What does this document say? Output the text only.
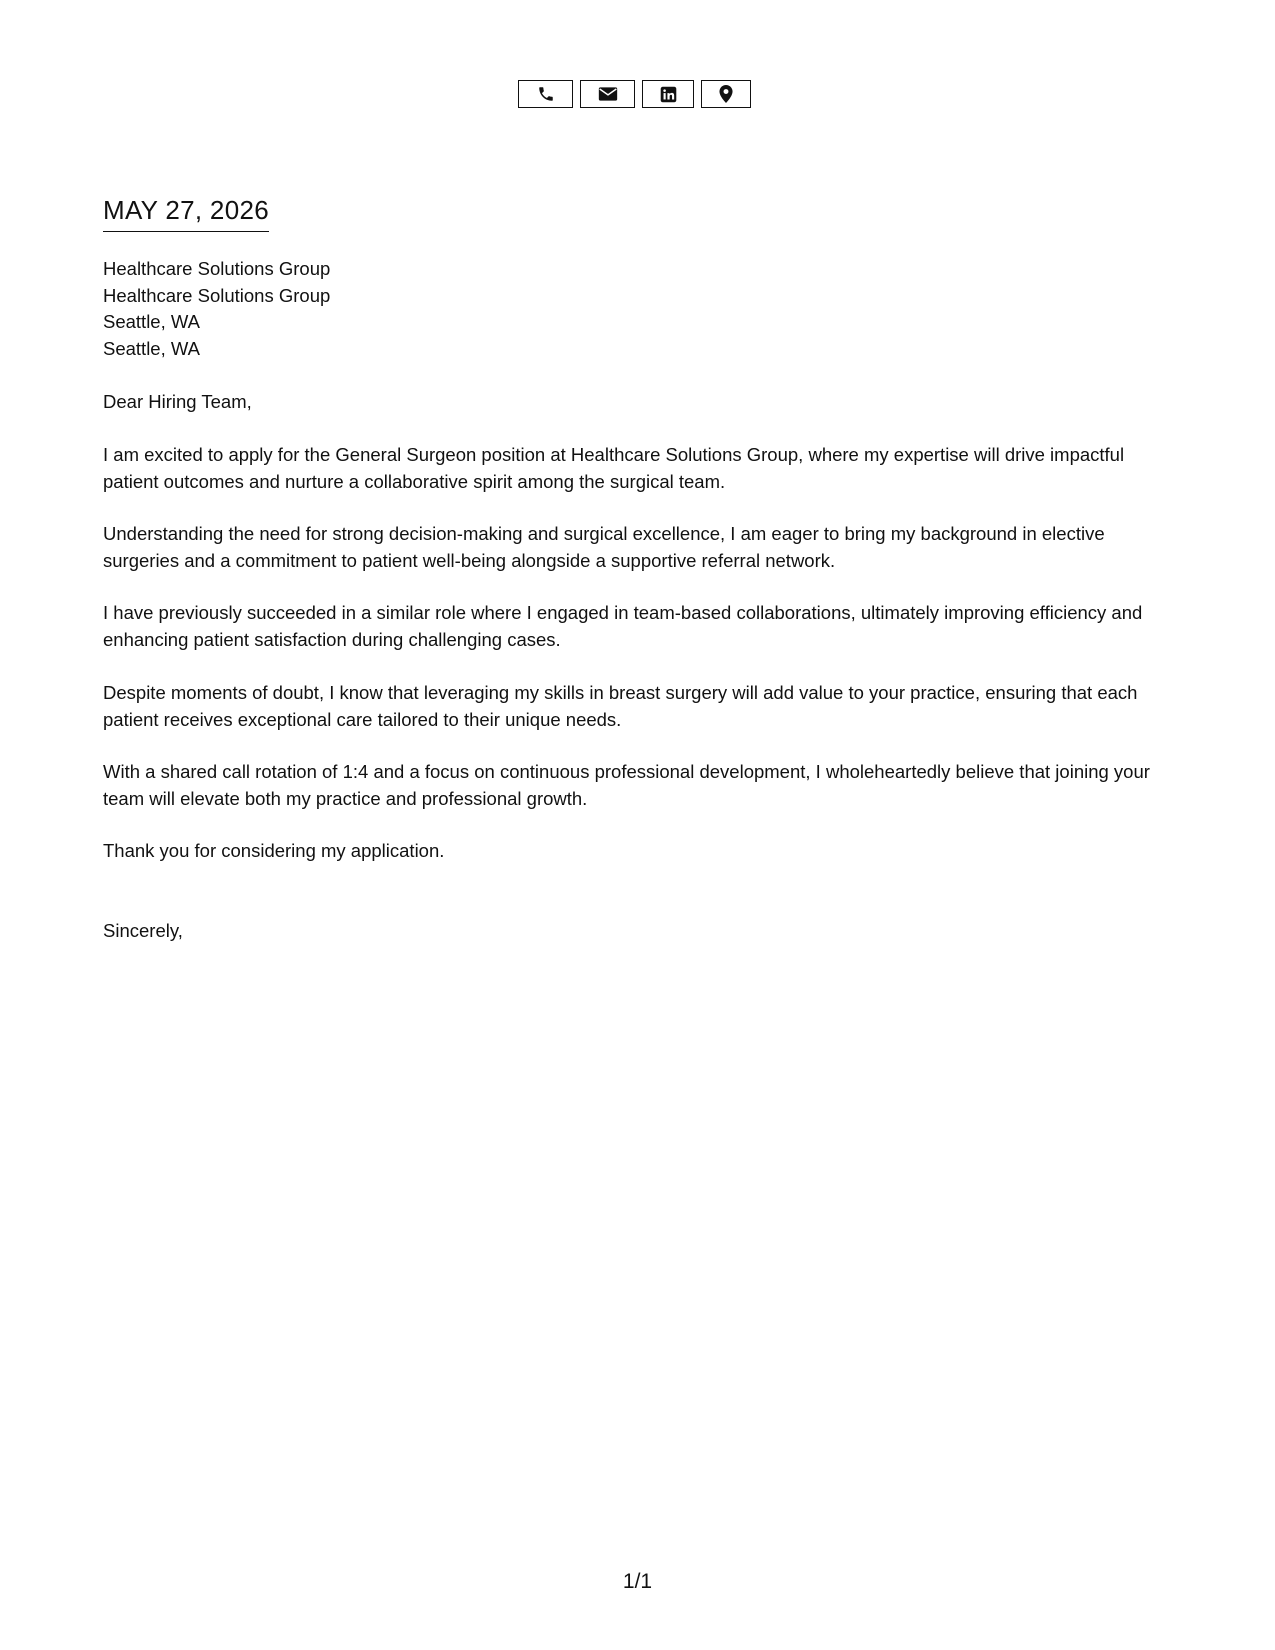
MAY 27, 2026
Healthcare Solutions Group
Healthcare Solutions Group
Seattle, WA
Seattle, WA
Dear Hiring Team,
I am excited to apply for the General Surgeon position at Healthcare Solutions Group, where my expertise will drive impactful patient outcomes and nurture a collaborative spirit among the surgical team.
Understanding the need for strong decision-making and surgical excellence, I am eager to bring my background in elective surgeries and a commitment to patient well-being alongside a supportive referral network.
I have previously succeeded in a similar role where I engaged in team-based collaborations, ultimately improving efficiency and enhancing patient satisfaction during challenging cases.
Despite moments of doubt, I know that leveraging my skills in breast surgery will add value to your practice, ensuring that each patient receives exceptional care tailored to their unique needs.
With a shared call rotation of 1:4 and a focus on continuous professional development, I wholeheartedly believe that joining your team will elevate both my practice and professional growth.
Thank you for considering my application.
Sincerely,
1/1
